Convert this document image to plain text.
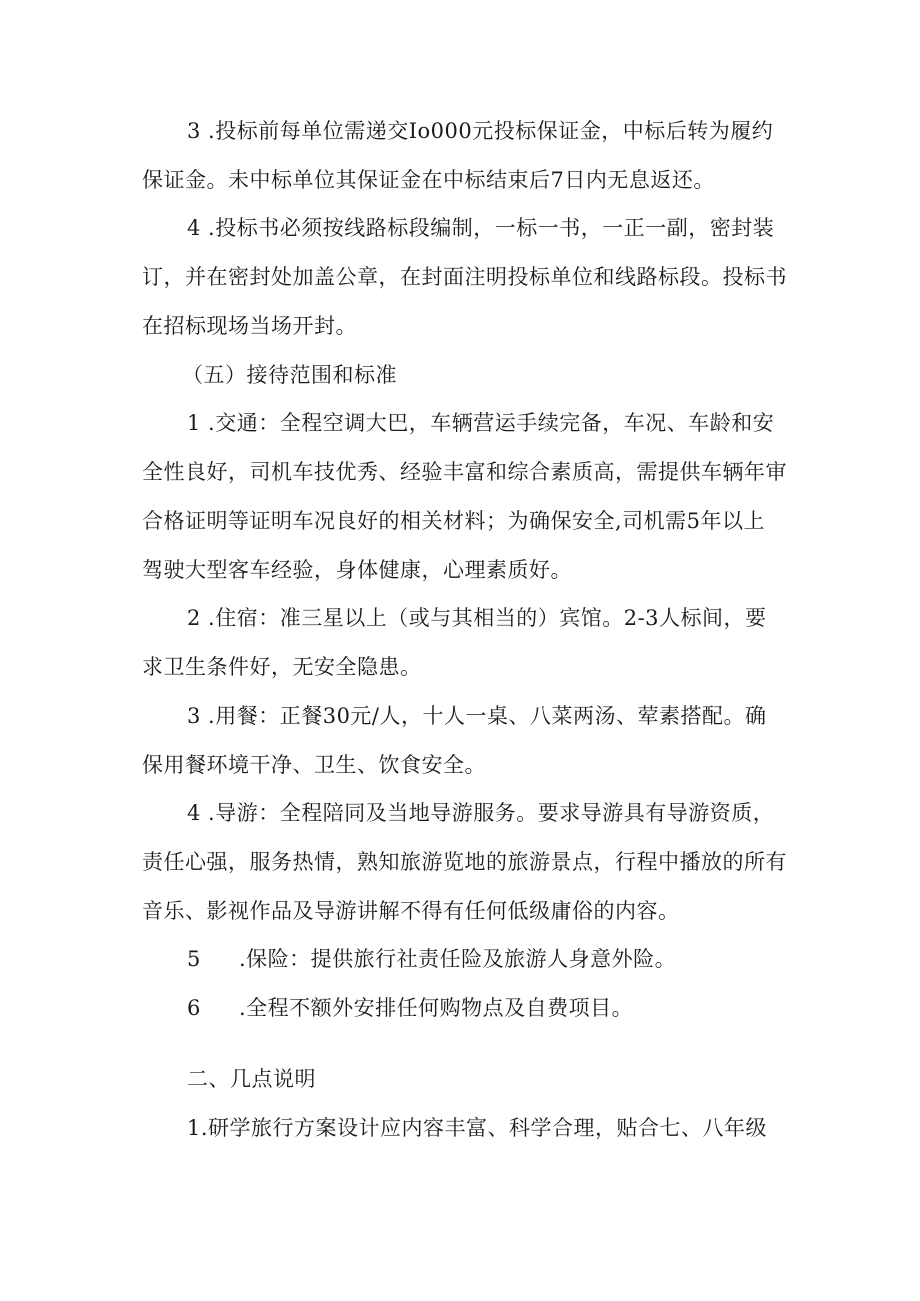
3 .投标前每单位需递交Io000元投标保证金，中标后转为履约
保证金。未中标单位其保证金在中标结束后7日内无息返还。
4 .投标书必须按线路标段编制，一标一书，一正一副，密封装
订，并在密封处加盖公章，在封面注明投标单位和线路标段。投标书
在招标现场当场开封。
（五）接待范围和标准
1 .交通：全程空调大巴，车辆营运手续完备，车况、车龄和安
全性良好，司机车技优秀、经验丰富和综合素质高，需提供车辆年审
合格证明等证明车况良好的相关材料；为确保安全,司机需5年以上
驾驶大型客车经验，身体健康，心理素质好。
2 .住宿：准三星以上（或与其相当的）宾馆。2-3人标间，要
求卫生条件好，无安全隐患。
3 .用餐：正餐30元/人，十人一桌、八菜两汤、荤素搭配。确
保用餐环境干净、卫生、饮食安全。
4 .导游：全程陪同及当地导游服务。要求导游具有导游资质，
责任心强，服务热情，熟知旅游览地的旅游景点，行程中播放的所有
音乐、影视作品及导游讲解不得有任何低级庸俗的内容。
5 .保险：提供旅行社责任险及旅游人身意外险。
6 .全程不额外安排任何购物点及自费项目。
二、几点说明
1.研学旅行方案设计应内容丰富、科学合理，贴合七、八年级
